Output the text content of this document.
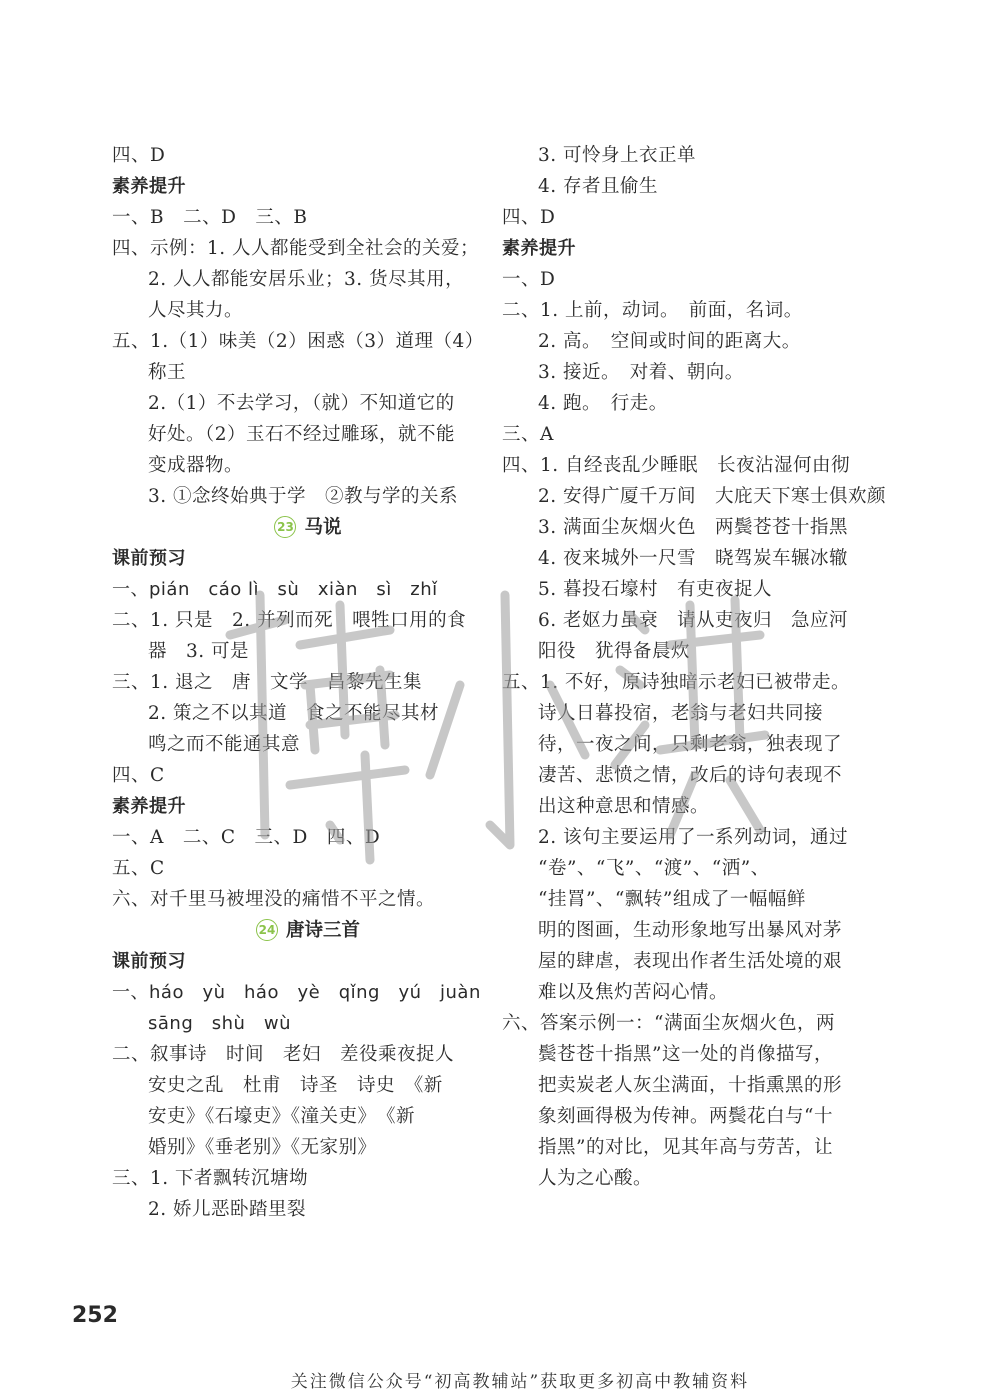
四、D
素养提升
一、B　二、D　三、B
四、示例：1. 人人都能受到全社会的关爱；
2. 人人都能安居乐业；3. 货尽其用，
人尽其力。
五、1.（1）味美（2）困惑（3）道理（4）
称王
2.（1）不去学习，（就）不知道它的
好处。（2）玉石不经过雕琢，就不能
变成器物。
3. ①念终始典于学　②教与学的关系
23 马说
课前预习
一、pián　cáo lì　sù　xiàn　sì　zhǐ
二、1. 只是　2. 并列而死　喂牲口用的食
器　3. 可是
三、1. 退之　唐　文学　昌黎先生集
2. 策之不以其道　食之不能尽其材
鸣之而不能通其意
四、C
素养提升
一、A　二、C　三、D　四、D
五、C
六、对千里马被埋没的痛惜不平之情。
24 唐诗三首
课前预习
一、háo　yù　háo　yè　qǐng　yú　juàn
sāng　shù　wù
二、叙事诗　时间　老妇　差役乘夜捉人
安史之乱　杜甫　诗圣　诗史　《新
安吏》《石壕吏》《潼关吏》　《新
婚别》《垂老别》《无家别》
三、1. 下者飘转沉塘坳
2. 娇儿恶卧踏里裂
3. 可怜身上衣正单
4. 存者且偷生
四、D
素养提升
一、D
二、1. 上前，动词。　前面，名词。
2. 高。　空间或时间的距离大。
3. 接近。　对着、朝向。
4. 跑。　行走。
三、A
四、1. 自经丧乱少睡眠　长夜沾湿何由彻
2. 安得广厦千万间　大庇天下寒士俱欢颜
3. 满面尘灰烟火色　两鬓苍苍十指黑
4. 夜来城外一尺雪　晓驾炭车辗冰辙
5. 暮投石壕村　有吏夜捉人
6. 老妪力虽衰　请从吏夜归　急应河
阳役　犹得备晨炊
五、1. 不好，原诗独暗示老妇已被带走。
诗人日暮投宿，老翁与老妇共同接
待，一夜之间，只剩老翁，独表现了
凄苦、悲愤之情，改后的诗句表现不
出这种意思和情感。
2. 该句主要运用了一系列动词，通过
“卷”、“飞”、“渡”、“洒”、
“挂罥”、“飘转”组成了一幅幅鲜
明的图画，生动形象地写出暴风对茅
屋的肆虐，表现出作者生活处境的艰
难以及焦灼苦闷心情。
六、答案示例一：“满面尘灰烟火色，两
鬓苍苍十指黑”这一处的肖像描写，
把卖炭老人灰尘满面，十指熏黑的形
象刻画得极为传神。两鬓花白与“十
指黑”的对比，见其年高与劳苦，让
人为之心酸。
252
关注微信公众号“初高教辅站”获取更多初高中教辅资料
